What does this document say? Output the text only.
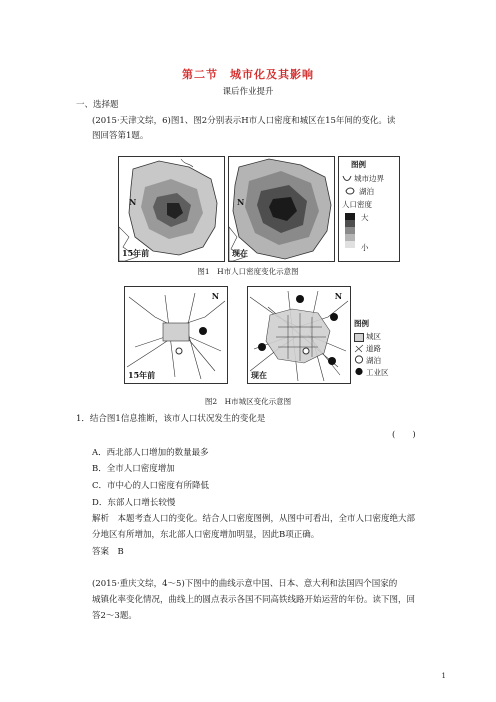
第二节　城市化及其影响
课后作业提升
一、选择题
(2015·天津文综，6)图1、图2分别表示H市人口密度和城区在15年间的变化。读
图回答第1题。
15年前
N
现在
N
图例
城市边界
湖泊
人口密度
大
小
图1　H市人口密度变化示意图
15年前
N
现在
N
图例
城区
道路
湖泊
工业区
图2　H市城区变化示意图
1．结合图1信息推断，该市人口状况发生的变化是
(　　)
A．西北部人口增加的数量最多
B．全市人口密度增加
C．市中心的人口密度有所降低
D．东部人口增长较慢
解析　本题考查人口的变化。结合人口密度图例，从图中可看出，全市人口密度绝大部
分地区有所增加，东北部人口密度增加明显，因此B项正确。
答案　B
(2015·重庆文综，4～5)下图中的曲线示意中国、日本、意大利和法国四个国家的
城镇化率变化情况，曲线上的圆点表示各国不同高铁线路开始运营的年份。读下图，回
答2～3题。
1
